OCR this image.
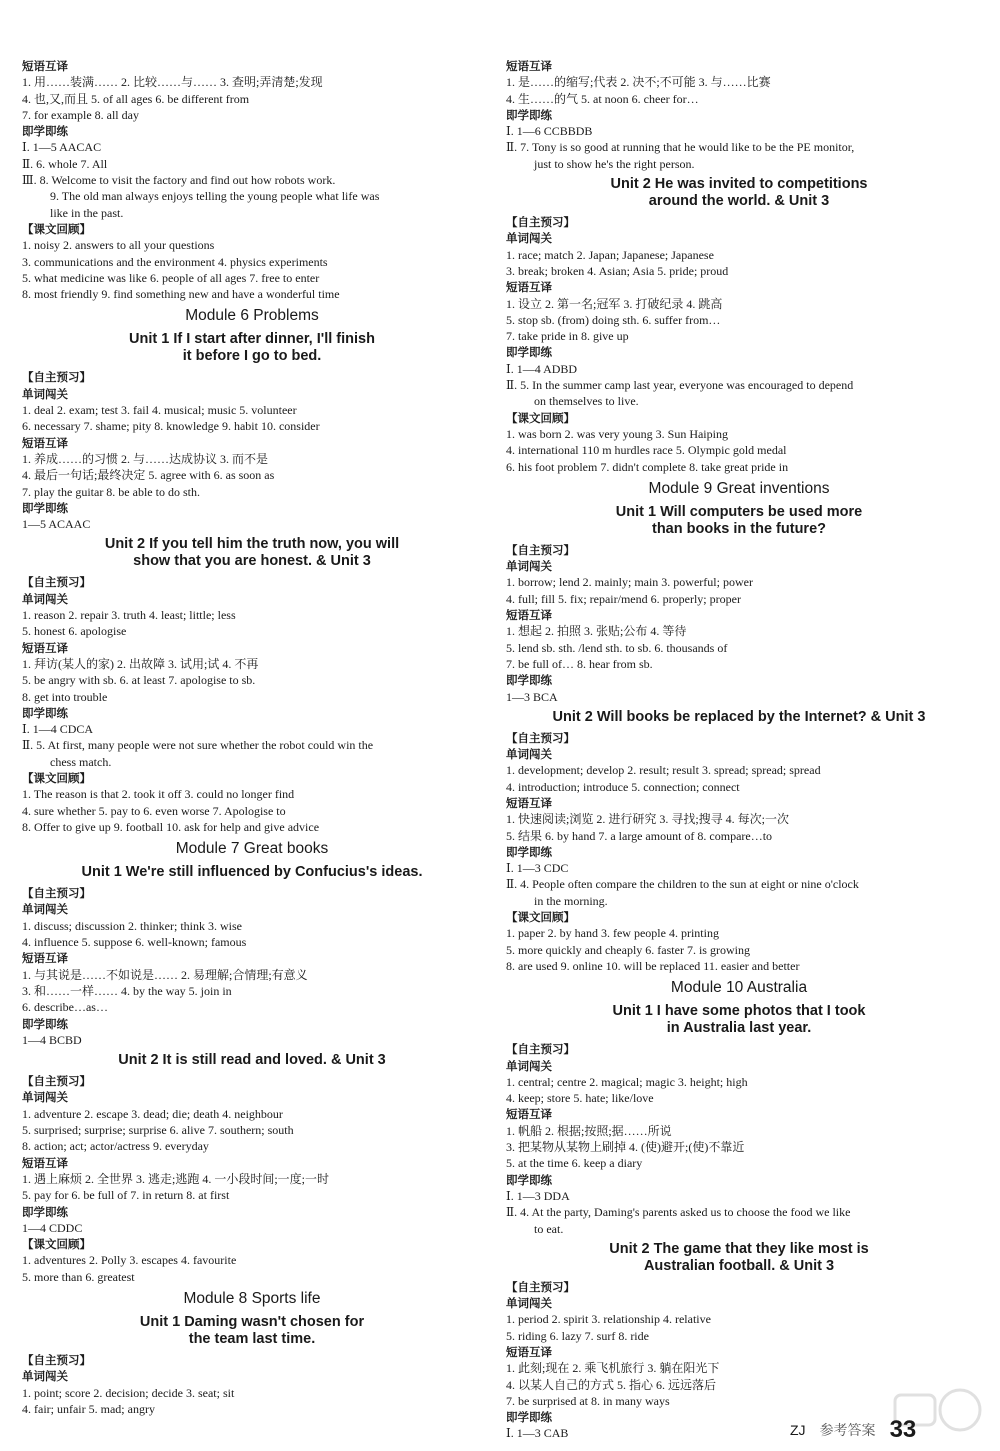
短语互译
1. 用……装满…… 2. 比较……与…… 3. 查明;弄清楚;发现
4. 也,又,而且 5. of all ages 6. be different from
7. for example 8. all day
即学即练
Ⅰ. 1—5 AACAC
Ⅱ. 6. whole 7. All
Ⅲ. 8. Welcome to visit the factory and find out how robots work.
9. The old man always enjoys telling the young people what life was
like in the past.
【课文回顾】
1. noisy 2. answers to all your questions
3. communications and the environment 4. physics experiments
5. what medicine was like 6. people of all ages 7. free to enter
8. most friendly 9. find something new and have a wonderful time
Module 6 Problems
Unit 1 If I start after dinner, I'll finish
it before I go to bed.
【自主预习】
单词闯关
1. deal 2. exam; test 3. fail 4. musical; music 5. volunteer
6. necessary 7. shame; pity 8. knowledge 9. habit 10. consider
短语互译
1. 养成……的习惯 2. 与……达成协议 3. 而不是
4. 最后一句话;最终决定 5. agree with 6. as soon as
7. play the guitar 8. be able to do sth.
即学即练
1—5 ACAAC
Unit 2 If you tell him the truth now, you will
show that you are honest. & Unit 3
【自主预习】
单词闯关
1. reason 2. repair 3. truth 4. least; little; less
5. honest 6. apologise
短语互译
1. 拜访(某人的家) 2. 出故障 3. 试用;试 4. 不再
5. be angry with sb. 6. at least 7. apologise to sb.
8. get into trouble
即学即练
Ⅰ. 1—4 CDCA
Ⅱ. 5. At first, many people were not sure whether the robot could win the
chess match.
【课文回顾】
1. The reason is that 2. took it off 3. could no longer find
4. sure whether 5. pay to 6. even worse 7. Apologise to
8. Offer to give up 9. football 10. ask for help and give advice
Module 7 Great books
Unit 1 We're still influenced by Confucius's ideas.
【自主预习】
单词闯关
1. discuss; discussion 2. thinker; think 3. wise
4. influence 5. suppose 6. well-known; famous
短语互译
1. 与其说是……不如说是…… 2. 易理解;合情理;有意义
3. 和……一样…… 4. by the way 5. join in
6. describe…as…
即学即练
1—4 BCBD
Unit 2 It is still read and loved. & Unit 3
【自主预习】
单词闯关
1. adventure 2. escape 3. dead; die; death 4. neighbour
5. surprised; surprise; surprise 6. alive 7. southern; south
8. action; act; actor/actress 9. everyday
短语互译
1. 遇上麻烦 2. 全世界 3. 逃走;逃跑 4. 一小段时间;一度;一时
5. pay for 6. be full of 7. in return 8. at first
即学即练
1—4 CDDC
【课文回顾】
1. adventures 2. Polly 3. escapes 4. favourite
5. more than 6. greatest
Module 8 Sports life
Unit 1 Daming wasn't chosen for
the team last time.
【自主预习】
单词闯关
1. point; score 2. decision; decide 3. seat; sit
4. fair; unfair 5. mad; angry
短语互译
1. 是……的缩写;代表 2. 决不;不可能 3. 与……比赛
4. 生……的气 5. at noon 6. cheer for…
即学即练
Ⅰ. 1—6 CCBBDB
Ⅱ. 7. Tony is so good at running that he would like to be the PE monitor,
just to show he's the right person.
Unit 2 He was invited to competitions
around the world. & Unit 3
【自主预习】
单词闯关
1. race; match 2. Japan; Japanese; Japanese
3. break; broken 4. Asian; Asia 5. pride; proud
短语互译
1. 设立 2. 第一名;冠军 3. 打破纪录 4. 跳高
5. stop sb. (from) doing sth. 6. suffer from…
7. take pride in 8. give up
即学即练
Ⅰ. 1—4 ADBD
Ⅱ. 5. In the summer camp last year, everyone was encouraged to depend
on themselves to live.
【课文回顾】
1. was born 2. was very young 3. Sun Haiping
4. international 110 m hurdles race 5. Olympic gold medal
6. his foot problem 7. didn't complete 8. take great pride in
Module 9 Great inventions
Unit 1 Will computers be used more
than books in the future?
【自主预习】
单词闯关
1. borrow; lend 2. mainly; main 3. powerful; power
4. full; fill 5. fix; repair/mend 6. properly; proper
短语互译
1. 想起 2. 拍照 3. 张贴;公布 4. 等待
5. lend sb. sth. /lend sth. to sb. 6. thousands of
7. be full of… 8. hear from sb.
即学即练
1—3 BCA
Unit 2 Will books be replaced by the Internet? & Unit 3
【自主预习】
单词闯关
1. development; develop 2. result; result 3. spread; spread; spread
4. introduction; introduce 5. connection; connect
短语互译
1. 快速阅读;浏览 2. 进行研究 3. 寻找;搜寻 4. 每次;一次
5. 结果 6. by hand 7. a large amount of 8. compare…to
即学即练
Ⅰ. 1—3 CDC
Ⅱ. 4. People often compare the children to the sun at eight or nine o'clock
in the morning.
【课文回顾】
1. paper 2. by hand 3. few people 4. printing
5. more quickly and cheaply 6. faster 7. is growing
8. are used 9. online 10. will be replaced 11. easier and better
Module 10 Australia
Unit 1 I have some photos that I took
in Australia last year.
【自主预习】
单词闯关
1. central; centre 2. magical; magic 3. height; high
4. keep; store 5. hate; like/love
短语互译
1. 帆船 2. 根据;按照;据……所说
3. 把某物从某物上刷掉 4. (使)避开;(使)不靠近
5. at the time 6. keep a diary
即学即练
Ⅰ. 1—3 DDA
Ⅱ. 4. At the party, Daming's parents asked us to choose the food we like
to eat.
Unit 2 The game that they like most is
Australian football. & Unit 3
【自主预习】
单词闯关
1. period 2. spirit 3. relationship 4. relative
5. riding 6. lazy 7. surf 8. ride
短语互译
1. 此刻;现在 2. 乘飞机旅行 3. 躺在阳光下
4. 以某人自己的方式 5. 指心 6. 远远落后
7. be surprised at 8. in many ways
即学即练
Ⅰ. 1—3 CAB	ZJ 参考答案 33
